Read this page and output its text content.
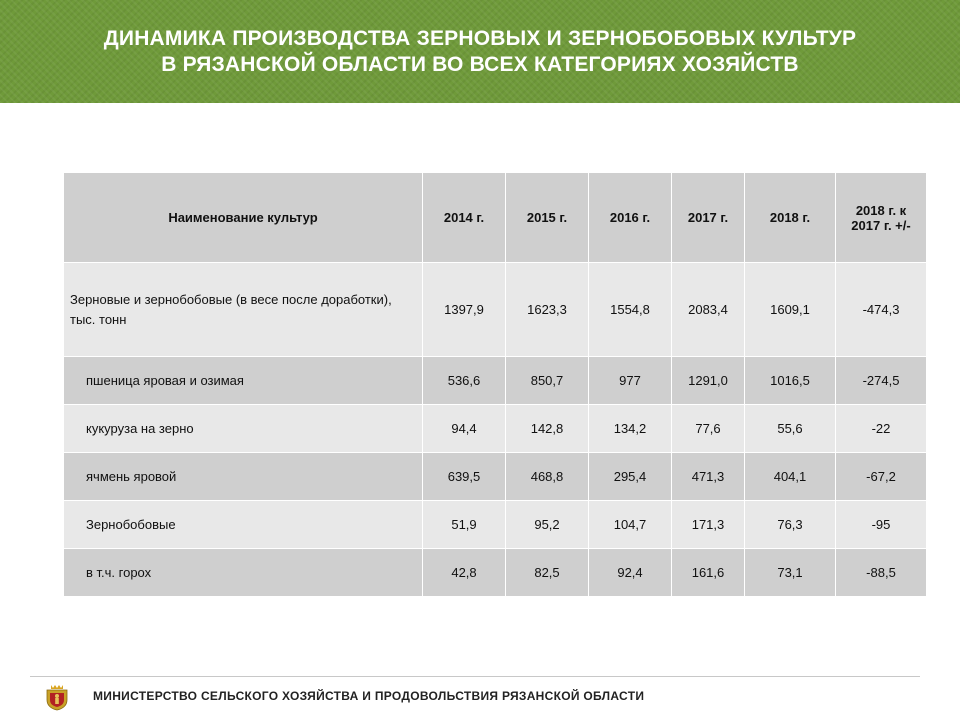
ДИНАМИКА ПРОИЗВОДСТВА ЗЕРНОВЫХ И ЗЕРНОБОБОВЫХ КУЛЬТУР
В РЯЗАНСКОЙ ОБЛАСТИ ВО ВСЕХ КАТЕГОРИЯХ ХОЗЯЙСТВ
Наименование культур	2014 г.	2015 г.	2016 г.	2017 г.	2018 г.	2018 г. к 2017 г. +/-
Зерновые и зернобобовые (в весе после доработки), тыс. тонн	1397,9	1623,3	1554,8	2083,4	1609,1	-474,3
пшеница яровая и озимая	536,6	850,7	977	1291,0	1016,5	-274,5
кукуруза на зерно	94,4	142,8	134,2	77,6	55,6	-22
ячмень яровой	639,5	468,8	295,4	471,3	404,1	-67,2
Зернобобовые	51,9	95,2	104,7	171,3	76,3	-95
в т.ч. горох	42,8	82,5	92,4	161,6	73,1	-88,5
МИНИСТЕРСТВО СЕЛЬСКОГО ХОЗЯЙСТВА И ПРОДОВОЛЬСТВИЯ РЯЗАНСКОЙ ОБЛАСТИ
